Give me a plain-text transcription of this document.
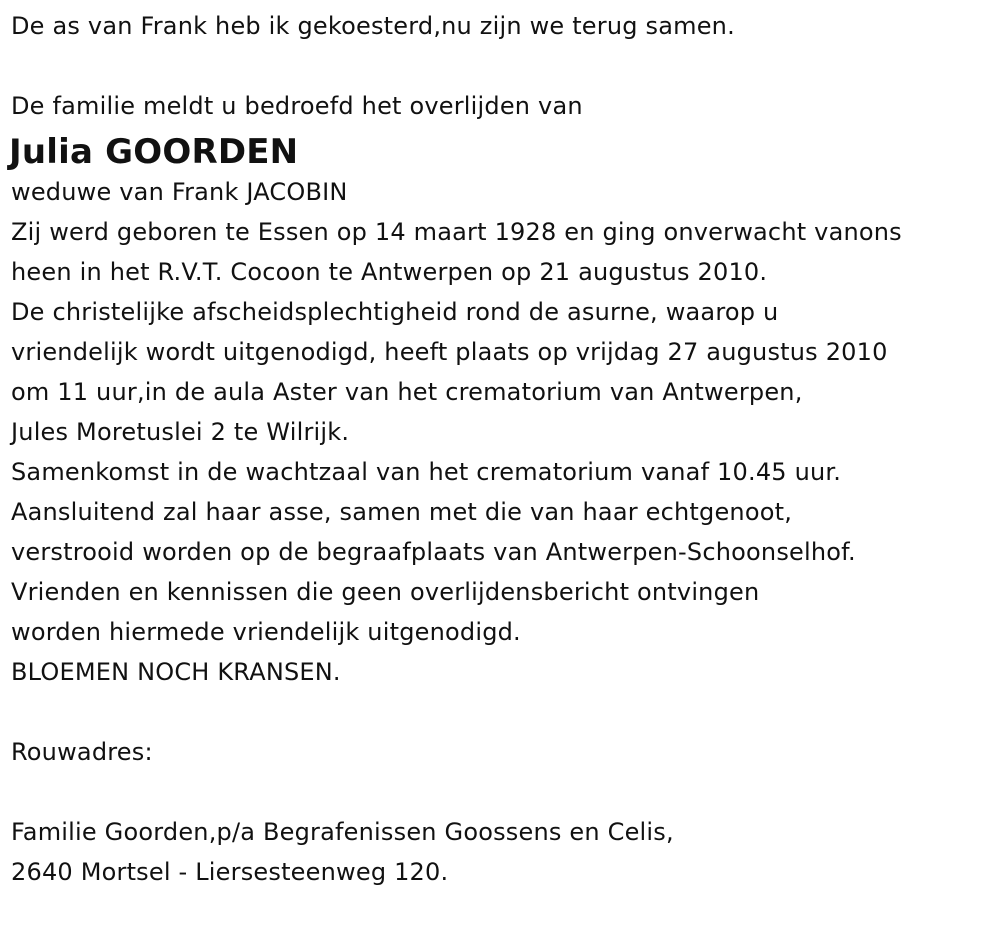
De as van Frank heb ik gekoesterd,nu zijn we terug samen.
De familie meldt u bedroefd het overlijden van
Julia GOORDEN
weduwe van Frank JACOBIN
Zij werd geboren te Essen op 14 maart 1928 en ging onverwacht vanons
heen in het R.V.T. Cocoon te Antwerpen op 21 augustus 2010.
De christelijke afscheidsplechtigheid rond de asurne, waarop u
vriendelijk wordt uitgenodigd, heeft plaats op vrijdag 27 augustus 2010
om 11 uur,in de aula Aster van het crematorium van Antwerpen,
Jules Moretuslei 2 te Wilrijk.
Samenkomst in de wachtzaal van het crematorium vanaf 10.45 uur.
Aansluitend zal haar asse, samen met die van haar echtgenoot,
verstrooid worden op de begraafplaats van Antwerpen-Schoonselhof.
Vrienden en kennissen die geen overlijdensbericht ontvingen
worden hiermede vriendelijk uitgenodigd.
BLOEMEN NOCH KRANSEN.
Rouwadres:
Familie Goorden,p/a Begrafenissen Goossens en Celis,
2640 Mortsel - Liersesteenweg 120.
